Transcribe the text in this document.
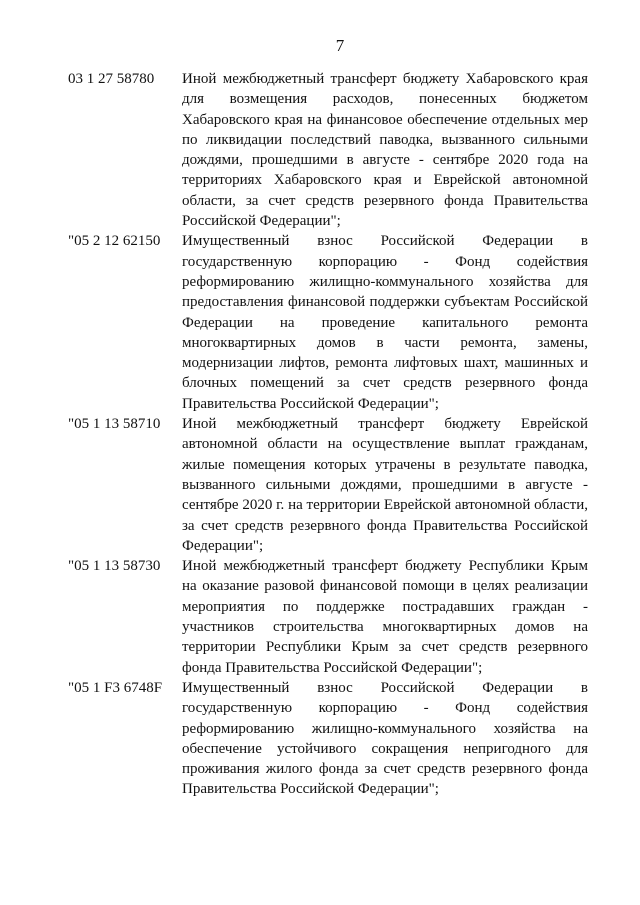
7
03 1 27 58780	Иной межбюджетный трансферт бюджету Хабаровского края для возмещения расходов, понесенных бюджетом Хабаровского края на финансовое обеспечение отдельных мер по ликвидации последствий паводка, вызванного сильными дождями, прошедшими в августе - сентябре 2020 года на территориях Хабаровского края и Еврейской автономной области, за счет средств резервного фонда Правительства Российской Федерации";
"05 2 12 62150	Имущественный взнос Российской Федерации в государственную корпорацию - Фонд содействия реформированию жилищно-коммунального хозяйства для предоставления финансовой поддержки субъектам Российской Федерации на проведение капитального ремонта многоквартирных домов в части ремонта, замены, модернизации лифтов, ремонта лифтовых шахт, машинных и блочных помещений за счет средств резервного фонда Правительства Российской Федерации";
"05 1 13 58710	Иной межбюджетный трансферт бюджету Еврейской автономной области на осуществление выплат гражданам, жилые помещения которых утрачены в результате паводка, вызванного сильными дождями, прошедшими в августе - сентябре 2020 г. на территории Еврейской автономной области, за счет средств резервного фонда Правительства Российской Федерации";
"05 1 13 58730	Иной межбюджетный трансферт бюджету Республики Крым на оказание разовой финансовой помощи в целях реализации мероприятия по поддержке пострадавших граждан - участников строительства многоквартирных домов на территории Республики Крым за счет средств резервного фонда Правительства Российской Федерации";
"05 1 F3 6748F	Имущественный взнос Российской Федерации в государственную корпорацию - Фонд содействия реформированию жилищно-коммунального хозяйства на обеспечение устойчивого сокращения непригодного для проживания жилого фонда за счет средств резервного фонда Правительства Российской Федерации";
